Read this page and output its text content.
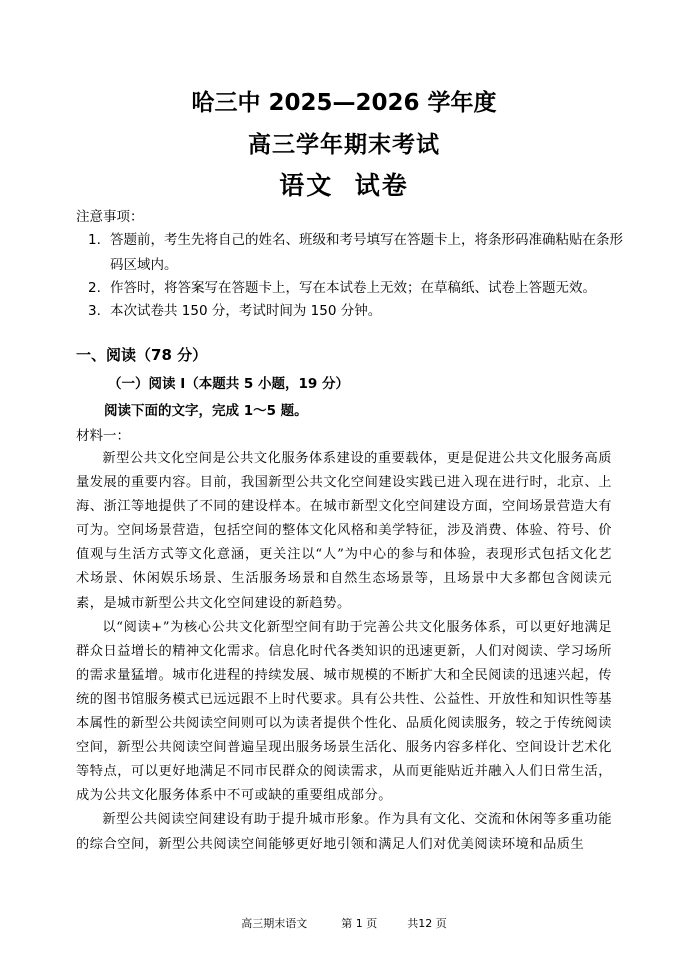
哈三中 2025—2026 学年度
高三学年期末考试
语文  试卷
注意事项：
1. 答题前，考生先将自己的姓名、班级和考号填写在答题卡上，将条形码准确粘贴在条形码区域内。
2. 作答时，将答案写在答题卡上，写在本试卷上无效；在草稿纸、试卷上答题无效。
3. 本次试卷共 150 分，考试时间为 150 分钟。
一、阅读（78 分）
（一）阅读 I（本题共 5 小题，19 分）
阅读下面的文字，完成 1～5 题。
材料一：

新型公共文化空间是公共文化服务体系建设的重要载体，更是促进公共文化服务高质量发展的重要内容。目前，我国新型公共文化空间建设实践已进入现在进行时，北京、上海、浙江等地提供了不同的建设样本。在城市新型文化空间建设方面，空间场景营造大有可为。空间场景营造，包括空间的整体文化风格和美学特征，涉及消费、体验、符号、价值观与生活方式等文化意涵，更关注以“人”为中心的参与和体验，表现形式包括文化艺术场景、休闲娱乐场景、生活服务场景和自然生态场景等，且场景中大多都包含阅读元素，是城市新型公共文化空间建设的新趋势。

以“阅读+”为核心公共文化新型空间有助于完善公共文化服务体系，可以更好地满足群众日益增长的精神文化需求。信息化时代各类知识的迅速更新，人们对阅读、学习场所的需求量猛增。城市化进程的持续发展、城市规模的不断扩大和全民阅读的迅速兴起，传统的图书馆服务模式已远远跟不上时代要求。具有公共性、公益性、开放性和知识性等基本属性的新型公共阅读空间则可以为读者提供个性化、品质化阅读服务，较之于传统阅读空间，新型公共阅读空间普遍呈现出服务场景生活化、服务内容多样化、空间设计艺术化等特点，可以更好地满足不同市民群众的阅读需求，从而更能贴近并融入人们日常生活，成为公共文化服务体系中不可或缺的重要组成部分。

新型公共阅读空间建设有助于提升城市形象。作为具有文化、交流和休闲等多重功能的综合空间，新型公共阅读空间能够更好地引领和满足人们对优美阅读环境和品质生

高三期末语文	第 1 页	共12 页
